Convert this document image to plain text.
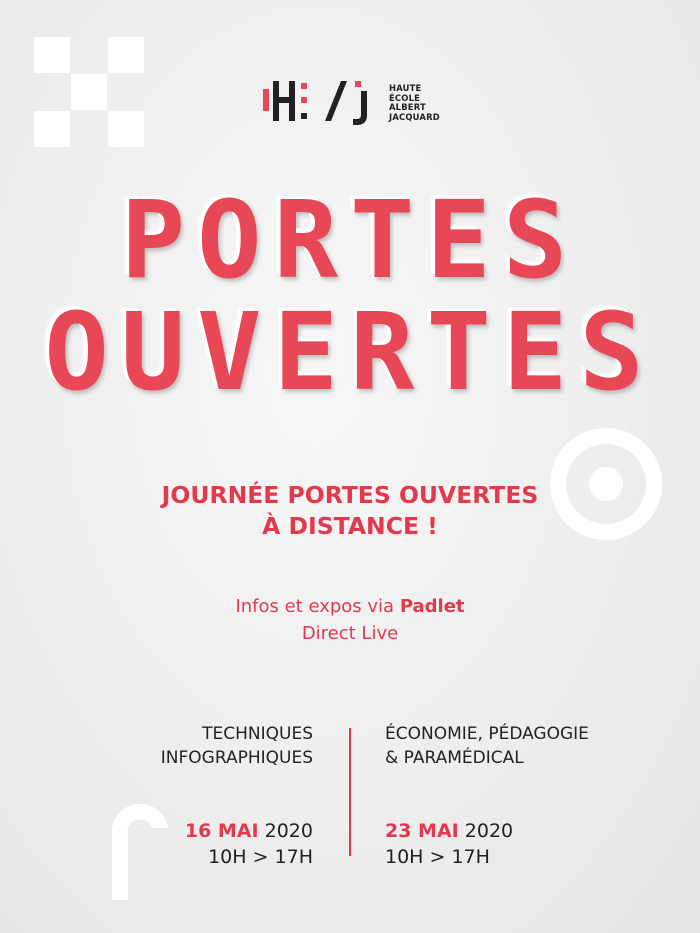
HAUTE
ÉCOLE
ALBERT
JACQUARD
PORTES
OUVERTES
JOURNÉE PORTES OUVERTES
À DISTANCE !
Infos et expos via Padlet
Direct Live
TECHNIQUES
INFOGRAPHIQUES
16 MAI 2020
10H > 17H
ÉCONOMIE, PÉDAGOGIE
& PARAMÉDICAL
23 MAI 2020
10H > 17H
